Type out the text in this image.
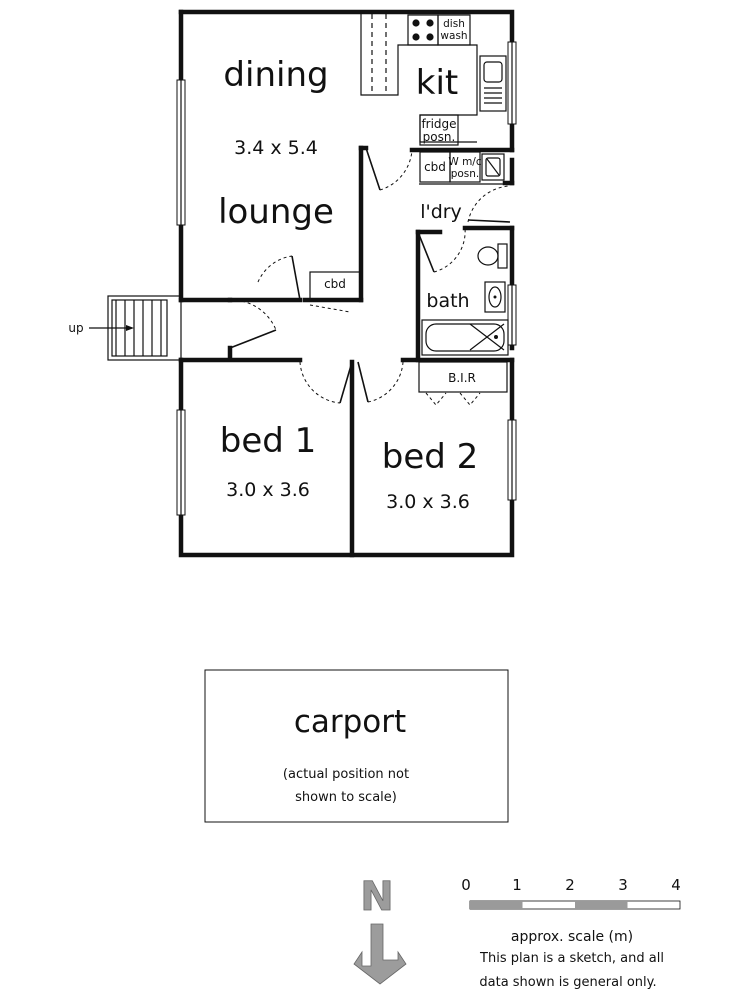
dining
3.4 x 5.4
lounge
kit
dish
wash
fridge
posn.
cbd W m/c
posn.
l'dry
cbd
bath
B.I.R
bed 1
3.0 x 3.6
bed 2
3.0 x 3.6
up
carport
(actual position not
shown to scale)
N	0	1	2	3	4
approx. scale (m)
This plan is a sketch, and all
data shown is general only.
